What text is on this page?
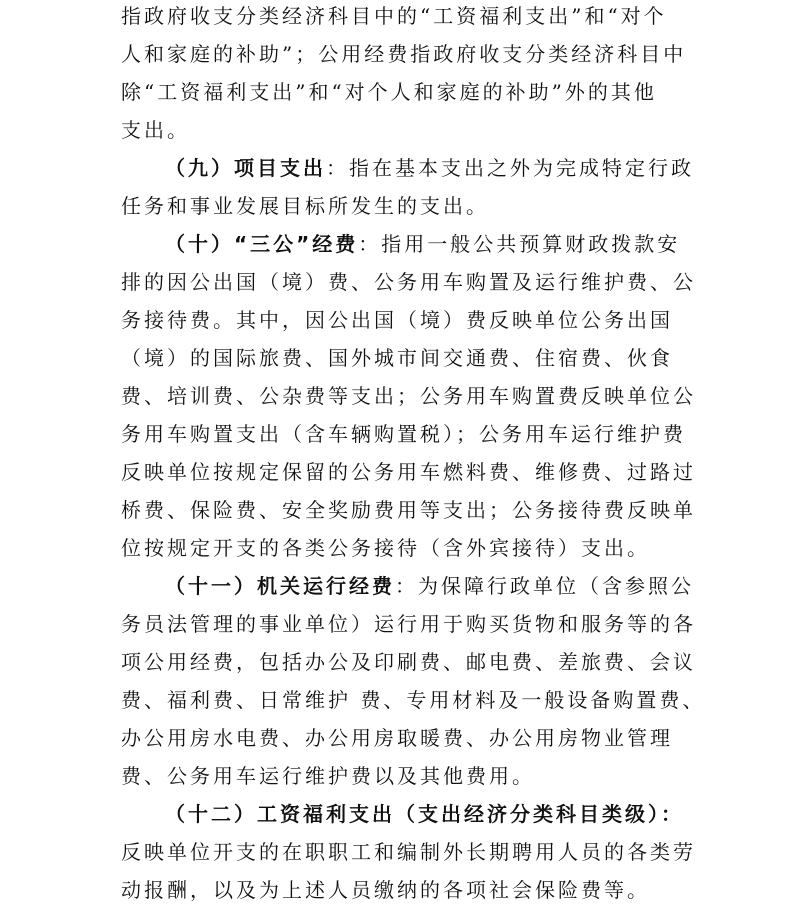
指政府收支分类经济科目中的“工资福利支出”和“对个
人和家庭的补助”；公用经费指政府收支分类经济科目中
除“工资福利支出”和“对个人和家庭的补助”外的其他
支出。
（九）项目支出：指在基本支出之外为完成特定行政
任务和事业发展目标所发生的支出。
（十）“三公”经费：指用一般公共预算财政拨款安
排的因公出国（境）费、公务用车购置及运行维护费、公
务接待费。其中，因公出国（境）费反映单位公务出国
（境）的国际旅费、国外城市间交通费、住宿费、伙食
费、培训费、公杂费等支出；公务用车购置费反映单位公
务用车购置支出（含车辆购置税）；公务用车运行维护费
反映单位按规定保留的公务用车燃料费、维修费、过路过
桥费、保险费、安全奖励费用等支出；公务接待费反映单
位按规定开支的各类公务接待（含外宾接待）支出。
（十一）机关运行经费：为保障行政单位（含参照公
务员法管理的事业单位）运行用于购买货物和服务等的各
项公用经费，包括办公及印刷费、邮电费、差旅费、会议
费、福利费、日常维护 费、专用材料及一般设备购置费、
办公用房水电费、办公用房取暖费、办公用房物业管理
费、公务用车运行维护费以及其他费用。
（十二）工资福利支出（支出经济分类科目类级）：
反映单位开支的在职职工和编制外长期聘用人员的各类劳
动报酬，以及为上述人员缴纳的各项社会保险费等。
